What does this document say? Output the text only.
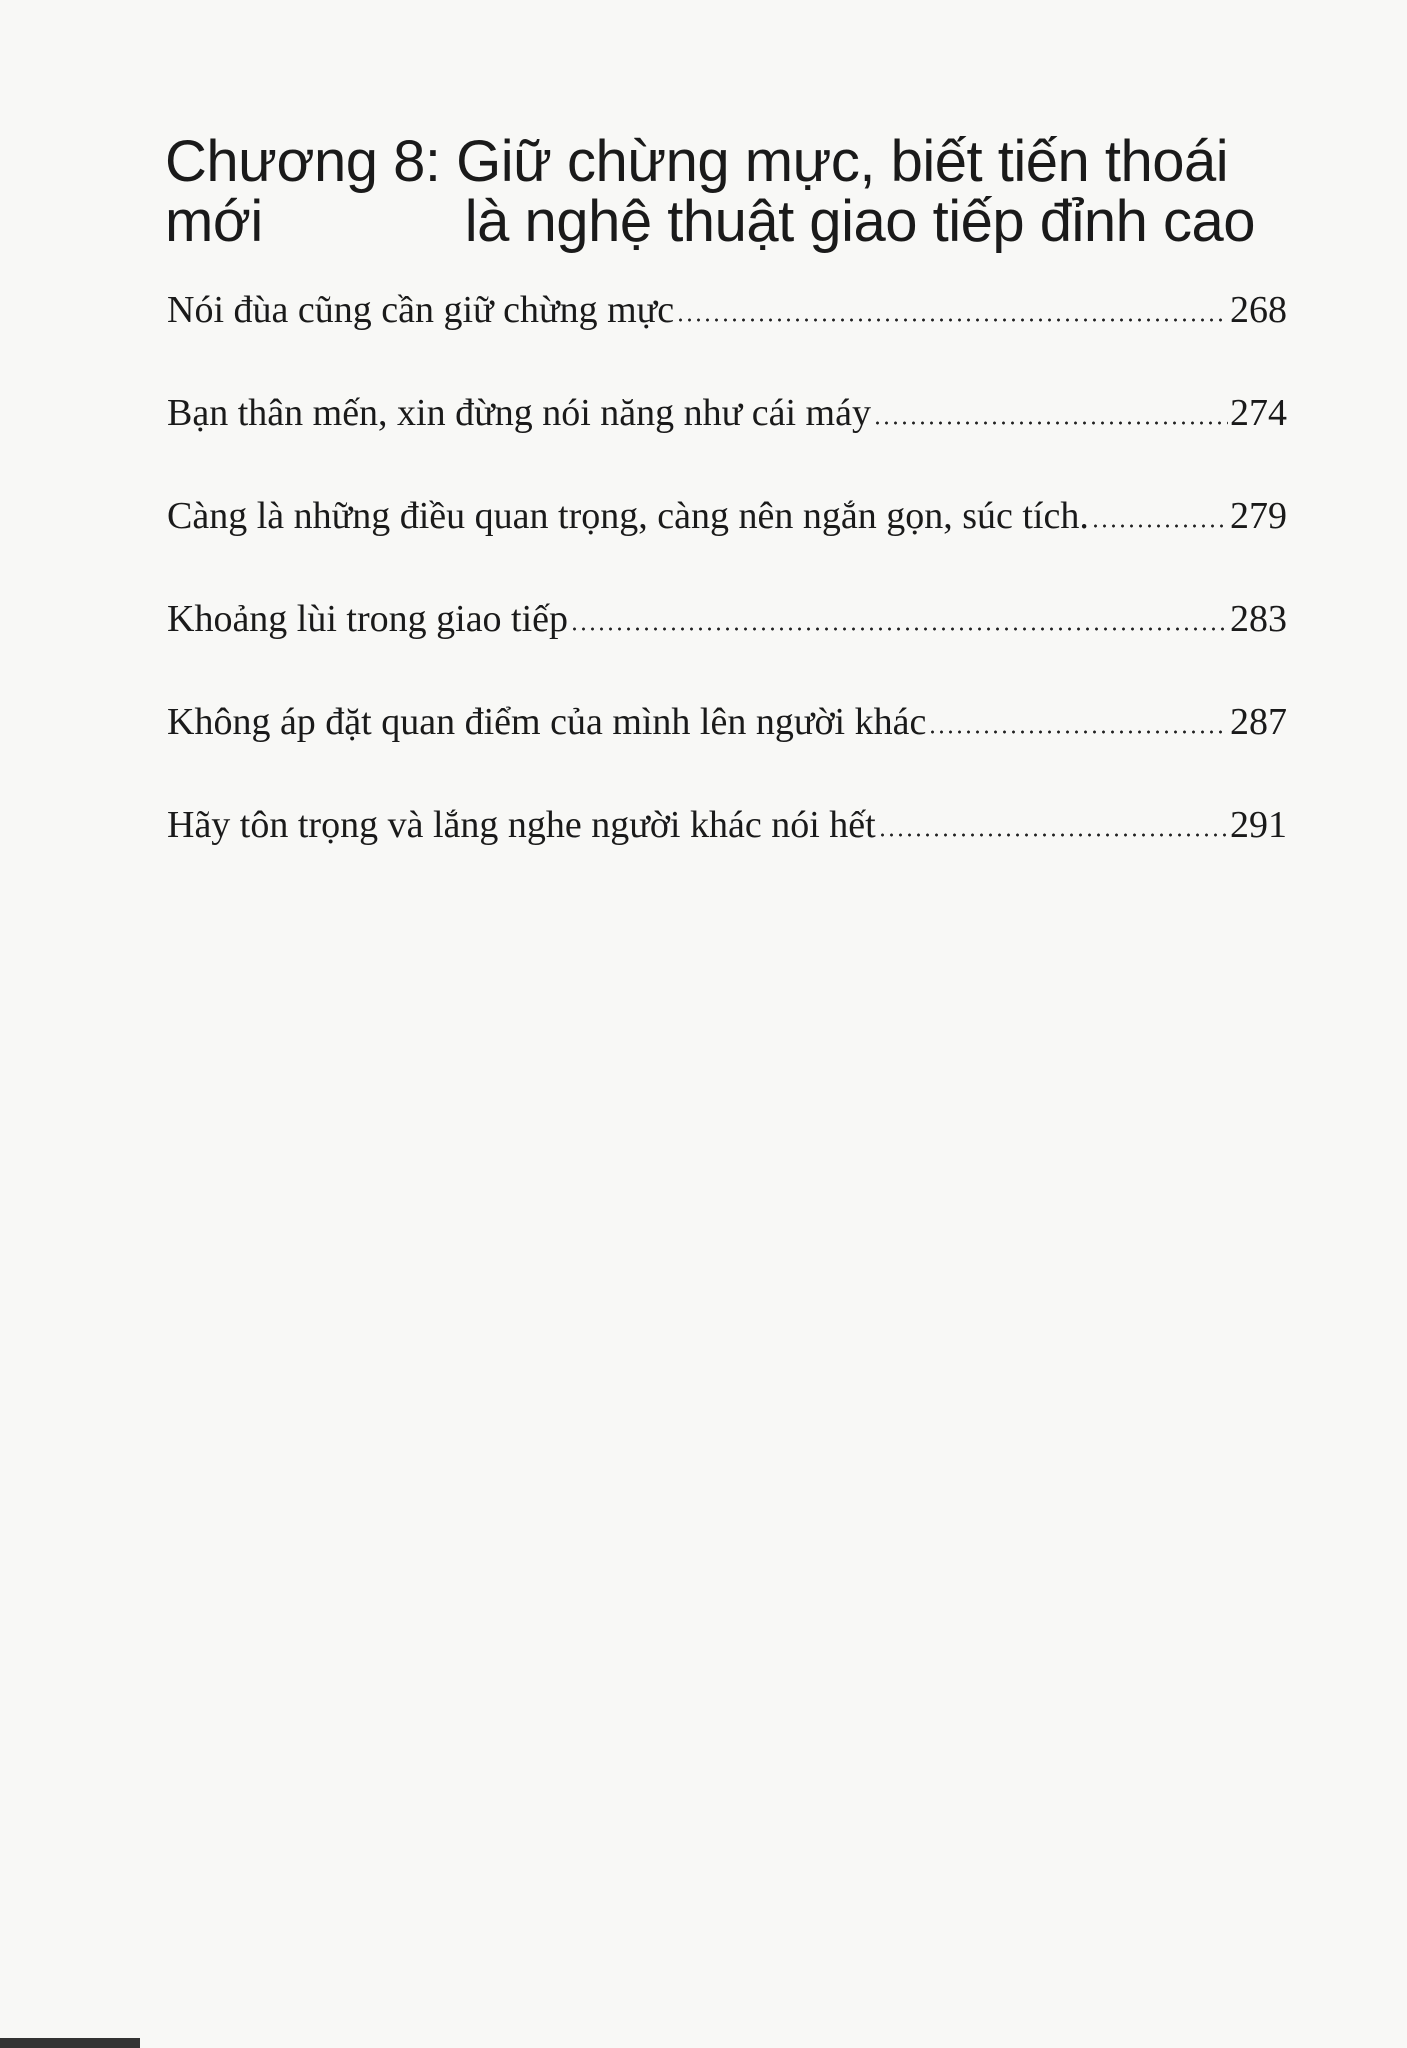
Chương 8: Giữ chừng mực, biết tiến thoái mới	là nghệ thuật giao tiếp đỉnh cao
Nói đùa cũng cần giữ chừng mực	268
Bạn thân mến, xin đừng nói năng như cái máy	274
Càng là những điều quan trọng, càng nên ngắn gọn, súc tích.	279
Khoảng lùi trong giao tiếp	283
Không áp đặt quan điểm của mình lên người khác	287
Hãy tôn trọng và lắng nghe người khác nói hết	291
